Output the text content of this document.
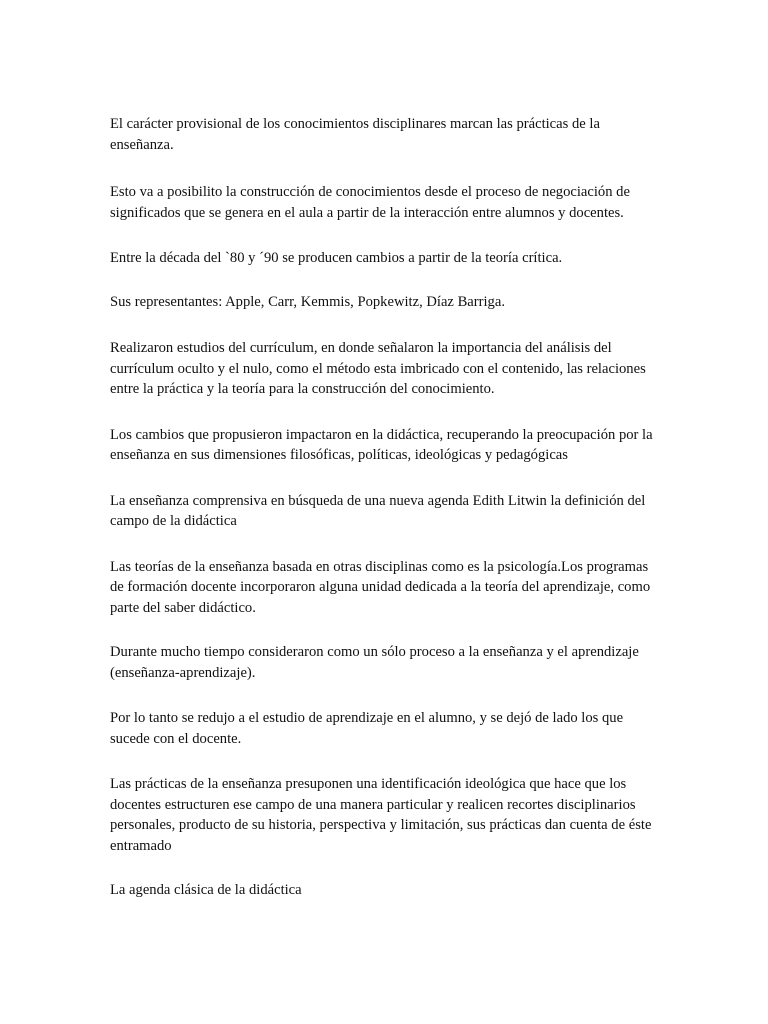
El carácter provisional de los conocimientos disciplinares marcan las prácticas de la enseñanza.

Esto va a posibilito la construcción de conocimientos desde el proceso de negociación de significados que se genera en el aula a partir de la interacción entre alumnos y docentes.

Entre la década del `80 y ´90 se producen cambios a partir de la teoría crítica.

Sus representantes: Apple, Carr, Kemmis, Popkewitz, Díaz Barriga.

Realizaron estudios del currículum, en donde señalaron la importancia del análisis del currículum oculto y el nulo, como el método esta imbricado con el contenido, las relaciones entre la práctica y la teoría para la construcción del conocimiento.

Los cambios que propusieron impactaron en la didáctica, recuperando la preocupación por la enseñanza en sus dimensiones filosóficas, políticas, ideológicas y pedagógicas

La enseñanza comprensiva en búsqueda de una nueva agenda Edith Litwin la definición del campo de la didáctica

Las teorías de la enseñanza basada en otras disciplinas como es la psicología.Los programas de formación docente incorporaron alguna unidad dedicada a la teoría del aprendizaje, como parte del saber didáctico.

Durante mucho tiempo consideraron como un sólo proceso a la enseñanza y el aprendizaje (enseñanza-aprendizaje).

Por lo tanto se redujo a el estudio de aprendizaje en el alumno, y se dejó de lado los que sucede con el docente.

Las prácticas de la enseñanza presuponen una identificación ideológica que hace que los docentes estructuren ese campo de una manera particular y realicen recortes disciplinarios personales, producto de su historia, perspectiva y limitación, sus prácticas dan cuenta de éste entramado

La agenda clásica de la didáctica
